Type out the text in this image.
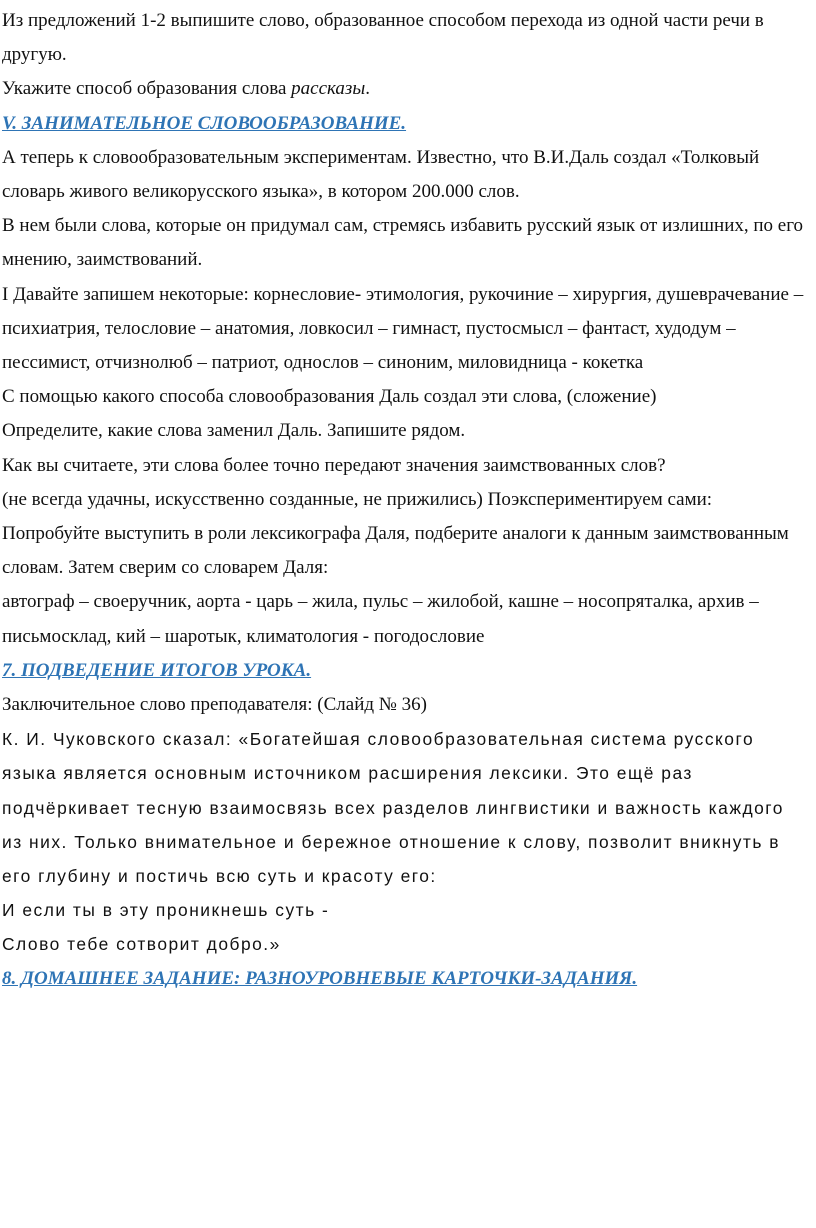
Из предложений 1-2 выпишите слово, образованное способом перехода из одной части речи в другую.

Укажите способ образования слова рассказы.

V. ЗАНИМАТЕЛЬНОЕ СЛОВООБРАЗОВАНИЕ.

А теперь к словообразовательным экспериментам. Известно, что В.И.Даль создал «Толковый словарь живого великорусского языка», в котором 200.000 слов.

В нем были слова, которые он придумал сам, стремясь избавить русский язык от излишних, по его мнению, заимствований.

I Давайте запишем некоторые: корнесловие- этимология, рукочиние – хирургия, душеврачевание – психиатрия, телословие – анатомия, ловкосил – гимнаст, пустосмысл – фантаст, худодум – пессимист, отчизнолюб – патриот, однослов – синоним, миловидница - кокетка

С помощью какого способа словообразования Даль создал эти слова, (сложение)

Определите, какие слова заменил Даль. Запишите рядом.

Как вы считаете, эти слова более точно передают значения заимствованных слов?

(не всегда удачны, искусственно созданные, не прижились) Поэкспериментируем сами:

Попробуйте выступить в роли лексикографа Даля, подберите аналоги к данным заимствованным словам. Затем сверим со словарем Даля:

автограф – своеручник, аорта - царь – жила, пульс – жилобой, кашне – носопряталка, архив – письмосклад, кий – шаротык, климатология - погодословие

7. ПОДВЕДЕНИЕ ИТОГОВ УРОКА.

Заключительное слово преподавателя: (Слайд № 36)

К. И. Чуковского сказал: «Богатейшая словообразовательная система русского языка является основным источником расширения лексики. Это ещё раз подчёркивает тесную взаимосвязь всех разделов лингвистики и важность каждого из них. Только внимательное и бережное отношение к слову, позволит вникнуть в его глубину и постичь всю суть и красоту его:

И если ты в эту проникнешь суть -

Слово тебе сотворит добро.»

8. ДОМАШНЕЕ ЗАДАНИЕ: РАЗНОУРОВНЕВЫЕ КАРТОЧКИ-ЗАДАНИЯ.
